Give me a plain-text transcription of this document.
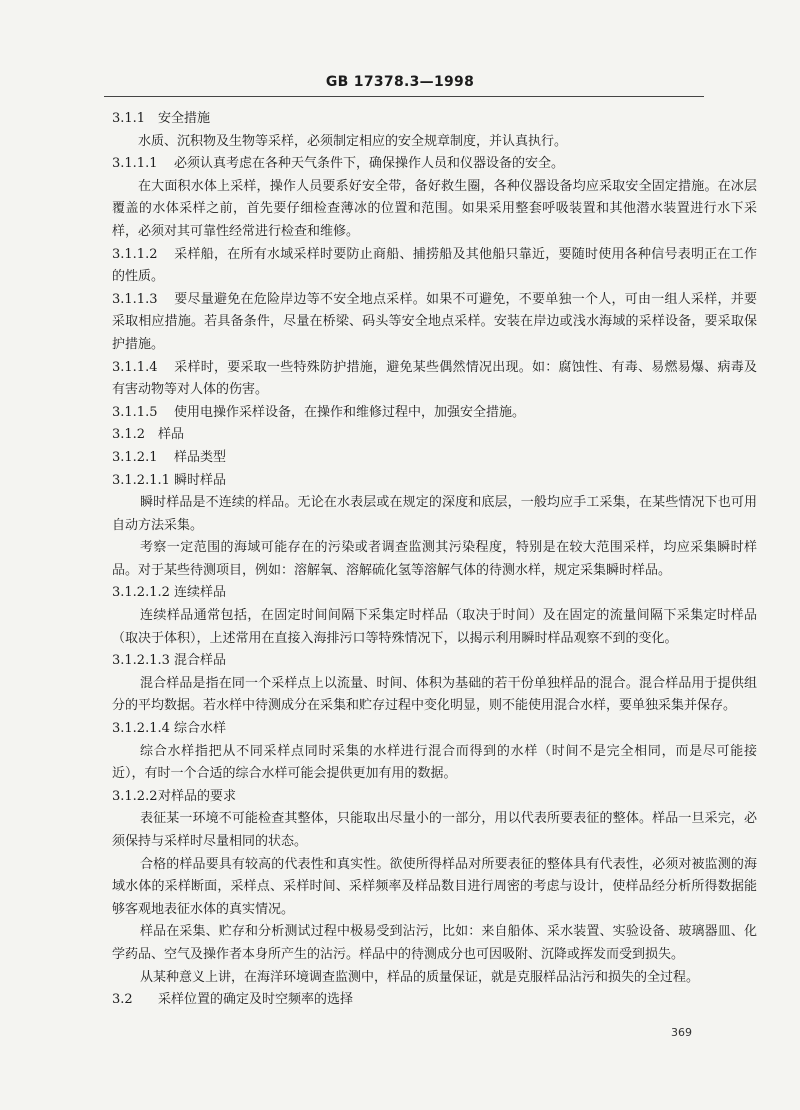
GB 17378.3—1998

3.1.1 安全措施

水质、沉积物及生物等采样，必须制定相应的安全规章制度，并认真执行。

3.1.1.1 必须认真考虑在各种天气条件下，确保操作人员和仪器设备的安全。

在大面积水体上采样，操作人员要系好安全带，备好救生圈，各种仪器设备均应采取安全固定措施。在冰层覆盖的水体采样之前，首先要仔细检查薄冰的位置和范围。如果采用整套呼吸装置和其他潜水装置进行水下采样，必须对其可靠性经常进行检查和维修。

3.1.1.2 采样船，在所有水域采样时要防止商船、捕捞船及其他船只靠近，要随时使用各种信号表明正在工作的性质。

3.1.1.3 要尽量避免在危险岸边等不安全地点采样。如果不可避免，不要单独一个人，可由一组人采样，并要采取相应措施。若具备条件，尽量在桥梁、码头等安全地点采样。安装在岸边或浅水海域的采样设备，要采取保护措施。

3.1.1.4 采样时，要采取一些特殊防护措施，避免某些偶然情况出现。如：腐蚀性、有毒、易燃易爆、病毒及有害动物等对人体的伤害。

3.1.1.5 使用电操作采样设备，在操作和维修过程中，加强安全措施。

3.1.2 样品

3.1.2.1 样品类型

3.1.2.1.1 瞬时样品

瞬时样品是不连续的样品。无论在水表层或在规定的深度和底层，一般均应手工采集，在某些情况下也可用自动方法采集。

考察一定范围的海域可能存在的污染或者调查监测其污染程度，特别是在较大范围采样，均应采集瞬时样品。对于某些待测项目，例如：溶解氧、溶解硫化氢等溶解气体的待测水样，规定采集瞬时样品。

3.1.2.1.2 连续样品

连续样品通常包括，在固定时间间隔下采集定时样品（取决于时间）及在固定的流量间隔下采集定时样品（取决于体积），上述常用在直接入海排污口等特殊情况下，以揭示利用瞬时样品观察不到的变化。

3.1.2.1.3 混合样品

混合样品是指在同一个采样点上以流量、时间、体积为基础的若干份单独样品的混合。混合样品用于提供组分的平均数据。若水样中待测成分在采集和贮存过程中变化明显，则不能使用混合水样，要单独采集并保存。

3.1.2.1.4 综合水样

综合水样指把从不同采样点同时采集的水样进行混合而得到的水样（时间不是完全相同，而是尽可能接近），有时一个合适的综合水样可能会提供更加有用的数据。

3.1.2.2对样品的要求

表征某一环境不可能检查其整体，只能取出尽量小的一部分，用以代表所要表征的整体。样品一旦采完，必须保持与采样时尽量相同的状态。

合格的样品要具有较高的代表性和真实性。欲使所得样品对所要表征的整体具有代表性，必须对被监测的海域水体的采样断面，采样点、采样时间、采样频率及样品数目进行周密的考虑与设计，使样品经分析所得数据能够客观地表征水体的真实情况。

样品在采集、贮存和分析测试过程中极易受到沾污，比如：来自船体、采水装置、实验设备、玻璃器皿、化学药品、空气及操作者本身所产生的沾污。样品中的待测成分也可因吸附、沉降或挥发而受到损失。

从某种意义上讲，在海洋环境调查监测中，样品的质量保证，就是克服样品沾污和损失的全过程。

3.2 采样位置的确定及时空频率的选择

369
